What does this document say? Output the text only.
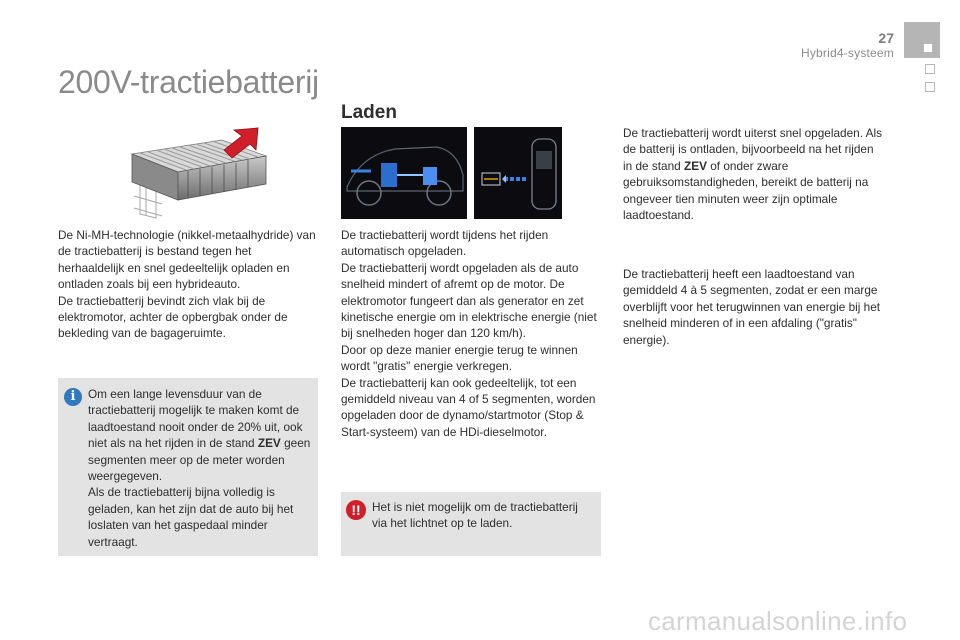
27
Hybrid4-systeem
200V-tractiebatterij

De Ni-MH-technologie (nikkel-metaalhydride) van de tractiebatterij is bestand tegen het herhaaldelijk en snel gedeeltelijk opladen en ontladen zoals bij een hybrideauto.

De tractiebatterij bevindt zich vlak bij de elektromotor, achter de opbergbak onder de bekleding van de bagageruimte.

i	Om een lange levensduur van de tractiebatterij mogelijk te maken komt de laadtoestand nooit onder de 20% uit, ook niet als na het rijden in de stand ZEV geen segmenten meer op de meter worden weergegeven.

Als de tractiebatterij bijna volledig is geladen, kan het zijn dat de auto bij het loslaten van het gaspedaal minder vertraagt.

Laden

De tractiebatterij wordt tijdens het rijden automatisch opgeladen.

De tractiebatterij wordt opgeladen als de auto snelheid mindert of afremt op de motor. De elektromotor fungeert dan als generator en zet kinetische energie om in elektrische energie (niet bij snelheden hoger dan 120 km/h).

Door op deze manier energie terug te winnen wordt "gratis" energie verkregen.

De tractiebatterij kan ook gedeeltelijk, tot een gemiddeld niveau van 4 of 5 segmenten, worden opgeladen door de dynamo/startmotor (Stop & Start-systeem) van de HDi-dieselmotor.

!! Het is niet mogelijk om de tractiebatterij via het lichtnet op te laden.

De tractiebatterij wordt uiterst snel opgeladen. Als de batterij is ontladen, bijvoorbeeld na het rijden in de stand ZEV of onder zware gebruiksomstandigheden, bereikt de batterij na ongeveer tien minuten weer zijn optimale laadtoestand.

De tractiebatterij heeft een laadtoestand van gemiddeld 4 à 5 segmenten, zodat er een marge overblijft voor het terugwinnen van energie bij het snelheid minderen of in een afdaling ("gratis" energie).

carmanualsonline.info
